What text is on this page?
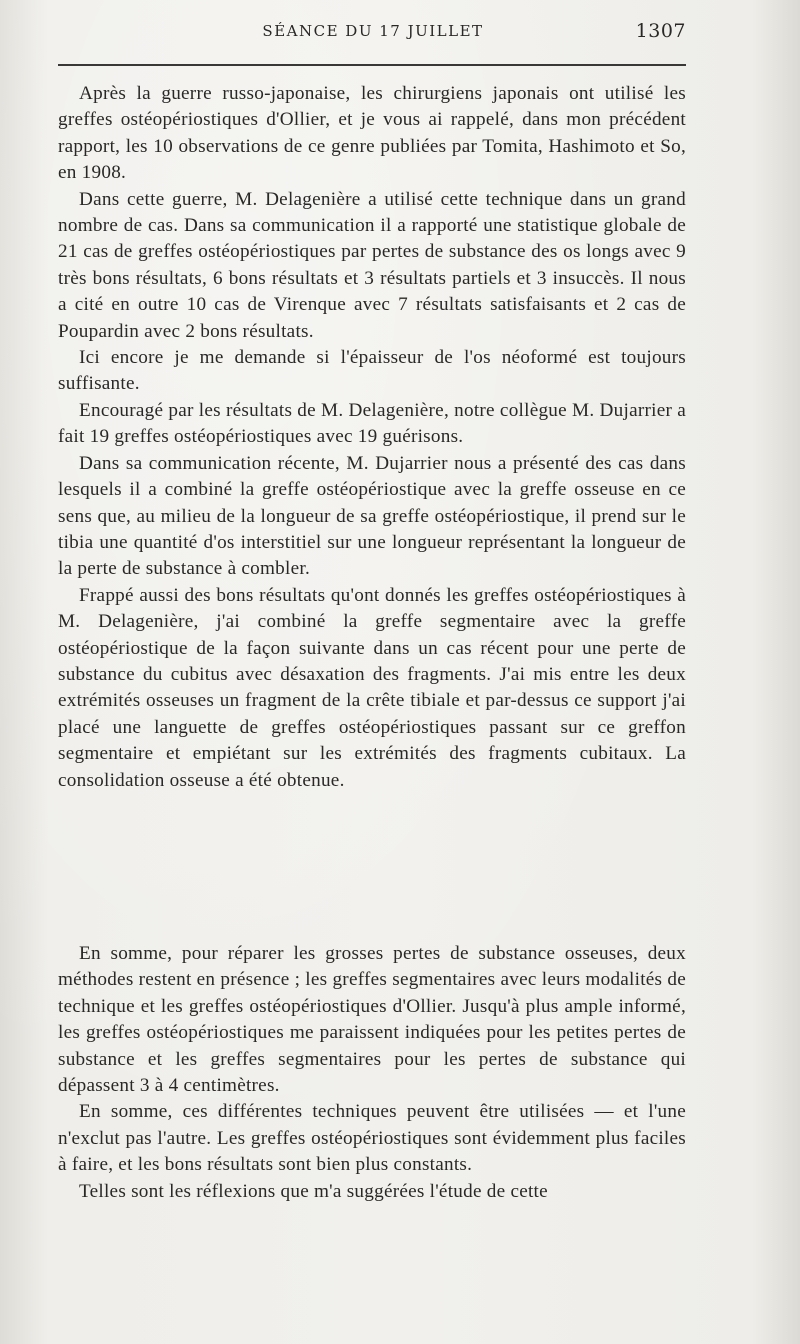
SÉANCE DU 17 JUILLET	1307

Après la guerre russo-japonaise, les chirurgiens japonais ont utilisé les greffes ostéopériostiques d'Ollier, et je vous ai rappelé, dans mon précédent rapport, les 10 observations de ce genre publiées par Tomita, Hashimoto et So, en 1908.

Dans cette guerre, M. Delagenière a utilisé cette technique dans un grand nombre de cas. Dans sa communication il a rapporté une statistique globale de 21 cas de greffes ostéopériostiques par pertes de substance des os longs avec 9 très bons résultats, 6 bons résultats et 3 résultats partiels et 3 insuccès. Il nous a cité en outre 10 cas de Virenque avec 7 résultats satisfaisants et 2 cas de Poupardin avec 2 bons résultats.

Ici encore je me demande si l'épaisseur de l'os néoformé est toujours suffisante.

Encouragé par les résultats de M. Delagenière, notre collègue M. Dujarrier a fait 19 greffes ostéopériostiques avec 19 guérisons.

Dans sa communication récente, M. Dujarrier nous a présenté des cas dans lesquels il a combiné la greffe ostéopériostique avec la greffe osseuse en ce sens que, au milieu de la longueur de sa greffe ostéopériostique, il prend sur le tibia une quantité d'os interstitiel sur une longueur représentant la longueur de la perte de substance à combler.

Frappé aussi des bons résultats qu'ont donnés les greffes ostéopériostiques à M. Delagenière, j'ai combiné la greffe segmentaire avec la greffe ostéopériostique de la façon suivante dans un cas récent pour une perte de substance du cubitus avec désaxation des fragments. J'ai mis entre les deux extrémités osseuses un fragment de la crête tibiale et par-dessus ce support j'ai placé une languette de greffes ostéopériostiques passant sur ce greffon segmentaire et empiétant sur les extrémités des fragments cubitaux. La consolidation osseuse a été obtenue.

En somme, pour réparer les grosses pertes de substance osseuses, deux méthodes restent en présence ; les greffes segmentaires avec leurs modalités de technique et les greffes ostéopériostiques d'Ollier. Jusqu'à plus ample informé, les greffes ostéopériostiques me paraissent indiquées pour les petites pertes de substance et les greffes segmentaires pour les pertes de substance qui dépassent 3 à 4 centimètres.

En somme, ces différentes techniques peuvent être utilisées — et l'une n'exclut pas l'autre. Les greffes ostéopériostiques sont évidemment plus faciles à faire, et les bons résultats sont bien plus constants.

Telles sont les réflexions que m'a suggérées l'étude de cette
